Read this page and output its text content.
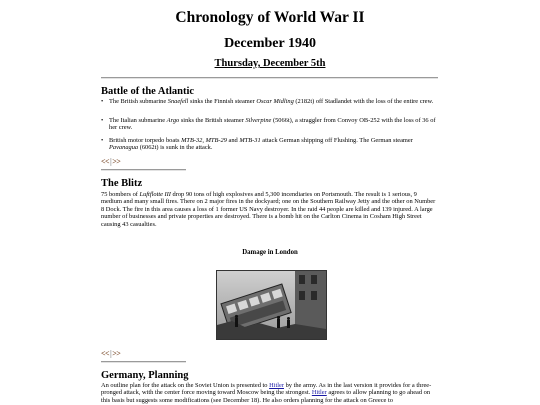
Chronology of World War II
December 1940
Thursday, December 5th
Battle of the Atlantic
• The British submarine Snaefell sinks the Finnish steamer Oscar Midling (2182t) off Stadlandet with the loss of the entire crew.
• The Italian submarine Argo sinks the British steamer Silverpine (5066t), a straggler from Convoy OB-252 with the loss of 36 of her crew.
• British motor torpedo boats MTB-32, MTB-29 and MTB-31 attack German shipping off Flushing. The German steamer Pavanagua (6062t) is sunk in the attack.
<<|>>
The Blitz
75 bombers of Luftflotte III drop 90 tons of high explosives and 5,300 incendiaries on Portsmouth. The result is 1 serious, 9 medium and many small fires. There on 2 major fires in the dockyard; one on the Southern Railway Jetty and the other on Number 8 Dock. The fire in this area causes a loss of 1 former US Navy destroyer. In the raid 44 people are killed and 139 injured. A large number of businesses and private properties are destroyed. There is a bomb hit on the Carlton Cinema in Cosham High Street causing 43 casualties.
Damage in London
<<|>>
Germany, Planning
An outline plan for the attack on the Soviet Union is presented to Hitler by the army. As in the last version it provides for a three-pronged attack, with the center force moving toward Moscow being the strongest. Hitler agrees to allow planning to go ahead on this basis but suggests some modifications (see December 18). He also orders planning for the attack on Greece to
